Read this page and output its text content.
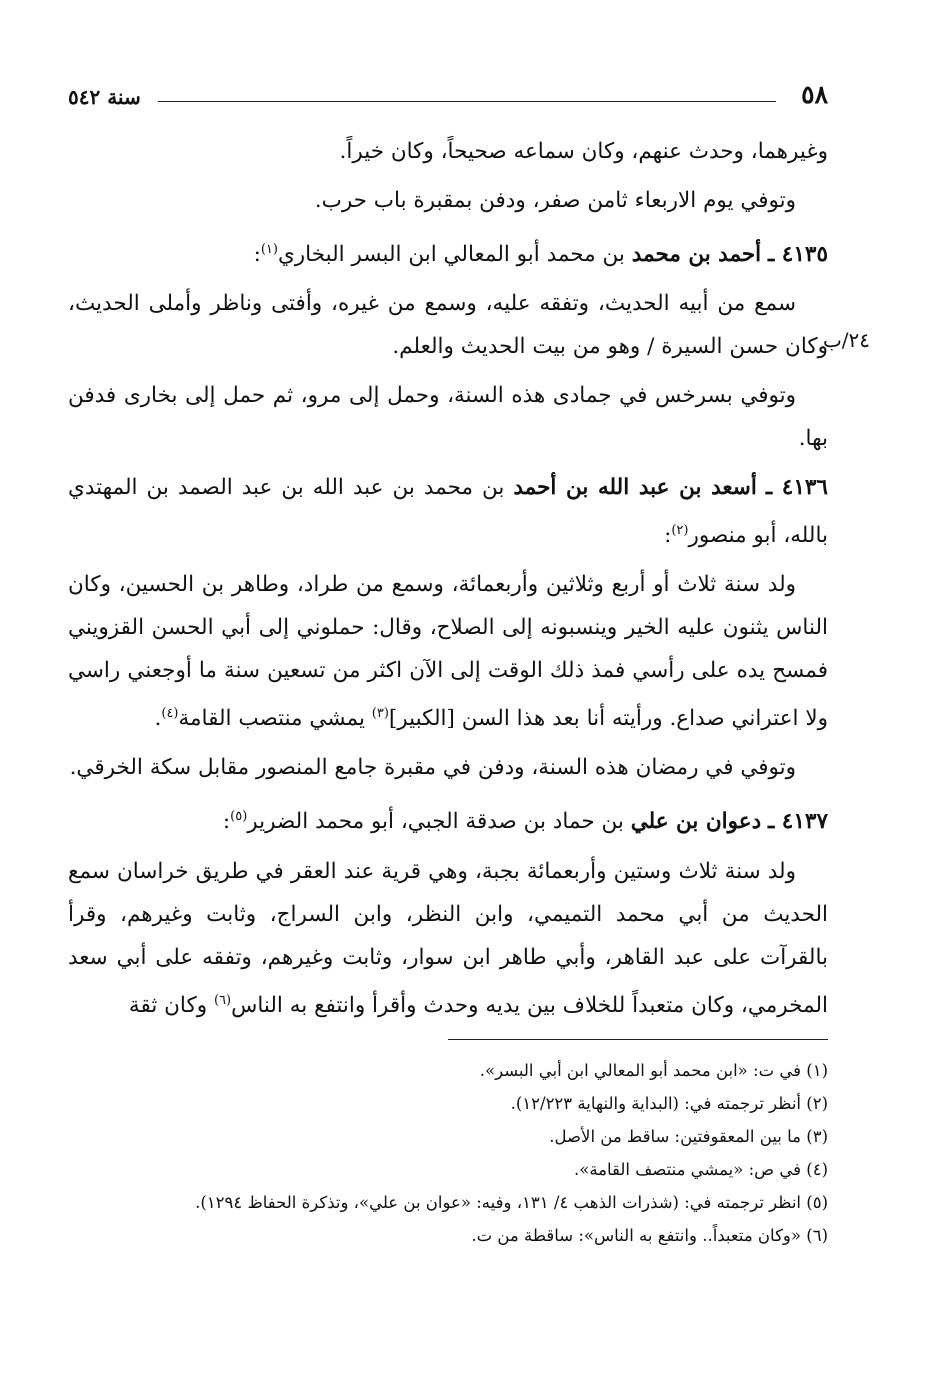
٥٨
سنة ٥٤٢

وغيرهما، وحدث عنهم، وكان سماعه صحيحاً، وكان خيراً.

وتوفي يوم الاربعاء ثامن صفر، ودفن بمقبرة باب حرب.

٤١٣٥ ـ أحمد بن محمد بن محمد أبو المعالي ابن البسر البخاري$^{(١)}$:

٢٤/ب

سمع من أبيه الحديث، وتفقه عليه، وسمع من غيره، وأفتى وناظر وأملى الحديث، وكان حسن السيرة / وهو من بيت الحديث والعلم.

وتوفي بسرخس في جمادى هذه السنة، وحمل إلى مرو، ثم حمل إلى بخارى فدفن بها.

٤١٣٦ ـ أسعد بن عبد الله بن أحمد بن محمد بن عبد الله بن عبد الصمد بن المهتدي بالله، أبو منصور$^{(٢)}$:

ولد سنة ثلاث أو أربع وثلاثين وأربعمائة، وسمع من طراد، وطاهر بن الحسين، وكان الناس يثنون عليه الخير وينسبونه إلى الصلاح، وقال: حملوني إلى أبي الحسن القزويني فمسح يده على رأسي فمذ ذلك الوقت إلى الآن اكثر من تسعين سنة ما أوجعني راسي ولا اعتراني صداع. ورأيته أنا بعد هذا السن [الكبير]$^{(٣)}$ يمشي منتصب القامة$^{(٤)}$.

وتوفي في رمضان هذه السنة، ودفن في مقبرة جامع المنصور مقابل سكة الخرقي.

٤١٣٧ ـ دعوان بن علي بن حماد بن صدقة الجبي، أبو محمد الضرير$^{(٥)}$:

ولد سنة ثلاث وستين وأربعمائة بجبة، وهي قرية عند العقر في طريق خراسان سمع الحديث من أبي محمد التميمي، وابن النظر، وابن السراج، وثابت وغيرهم، وقرأ بالقرآت على عبد القاهر، وأبي طاهر ابن سوار، وثابت وغيرهم، وتفقه على أبي سعد المخرمي، وكان متعبداً للخلاف بين يديه وحدث وأقرأ وانتفع به الناس$^{(٦)}$ وكان ثقة

(١) في ت: «ابن محمد أبو المعالي ابن أبي البسر».

(٢) أنظر ترجمته في: (البداية والنهاية ١٢/٢٢٣).

(٣) ما بين المعقوفتين: ساقط من الأصل.

(٤) في ص: «يمشي منتصف القامة».

(٥) انظر ترجمته في: (شذرات الذهب ٤/ ١٣١، وفيه: «عوان بن علي»، وتذكرة الحفاظ ١٢٩٤).

(٦) «وكان متعبداً.. وانتفع به الناس»: ساقطة من ت.
